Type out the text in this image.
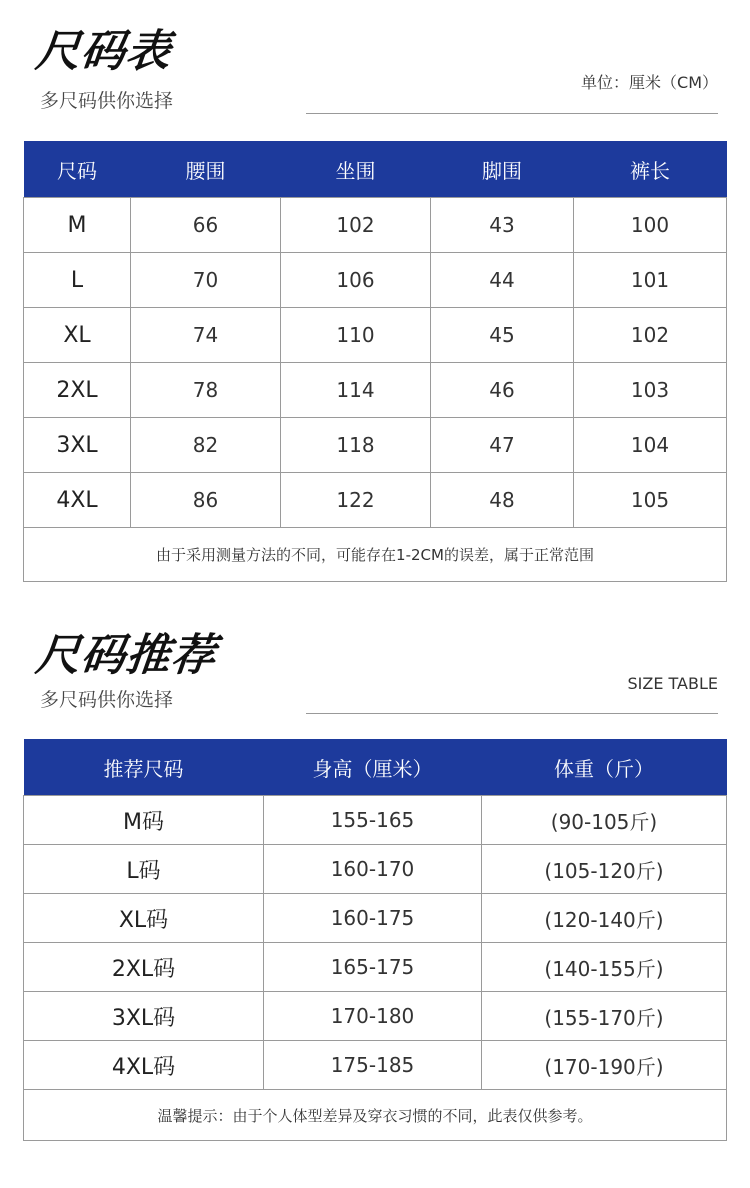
尺码表
多尺码供你选择
单位：厘米（CM）
尺码	腰围	坐围	脚围	裤长
M	66	102	43	100
L	70	106	44	101
XL	74	110	45	102
2XL	78	114	46	103
3XL	82	118	47	104
4XL	86	122	48	105
由于采用测量方法的不同，可能存在1-2CM的误差，属于正常范围				
尺码推荐
多尺码供你选择
SIZE TABLE
推荐尺码	身高（厘米）	体重（斤）
M码	155-165	(90-105斤)
L码	160-170	(105-120斤)
XL码	160-175	(120-140斤)
2XL码	165-175	(140-155斤)
3XL码	170-180	(155-170斤)
4XL码	175-185	(170-190斤)
温馨提示：由于个人体型差异及穿衣习惯的不同，此表仅供参考。		
